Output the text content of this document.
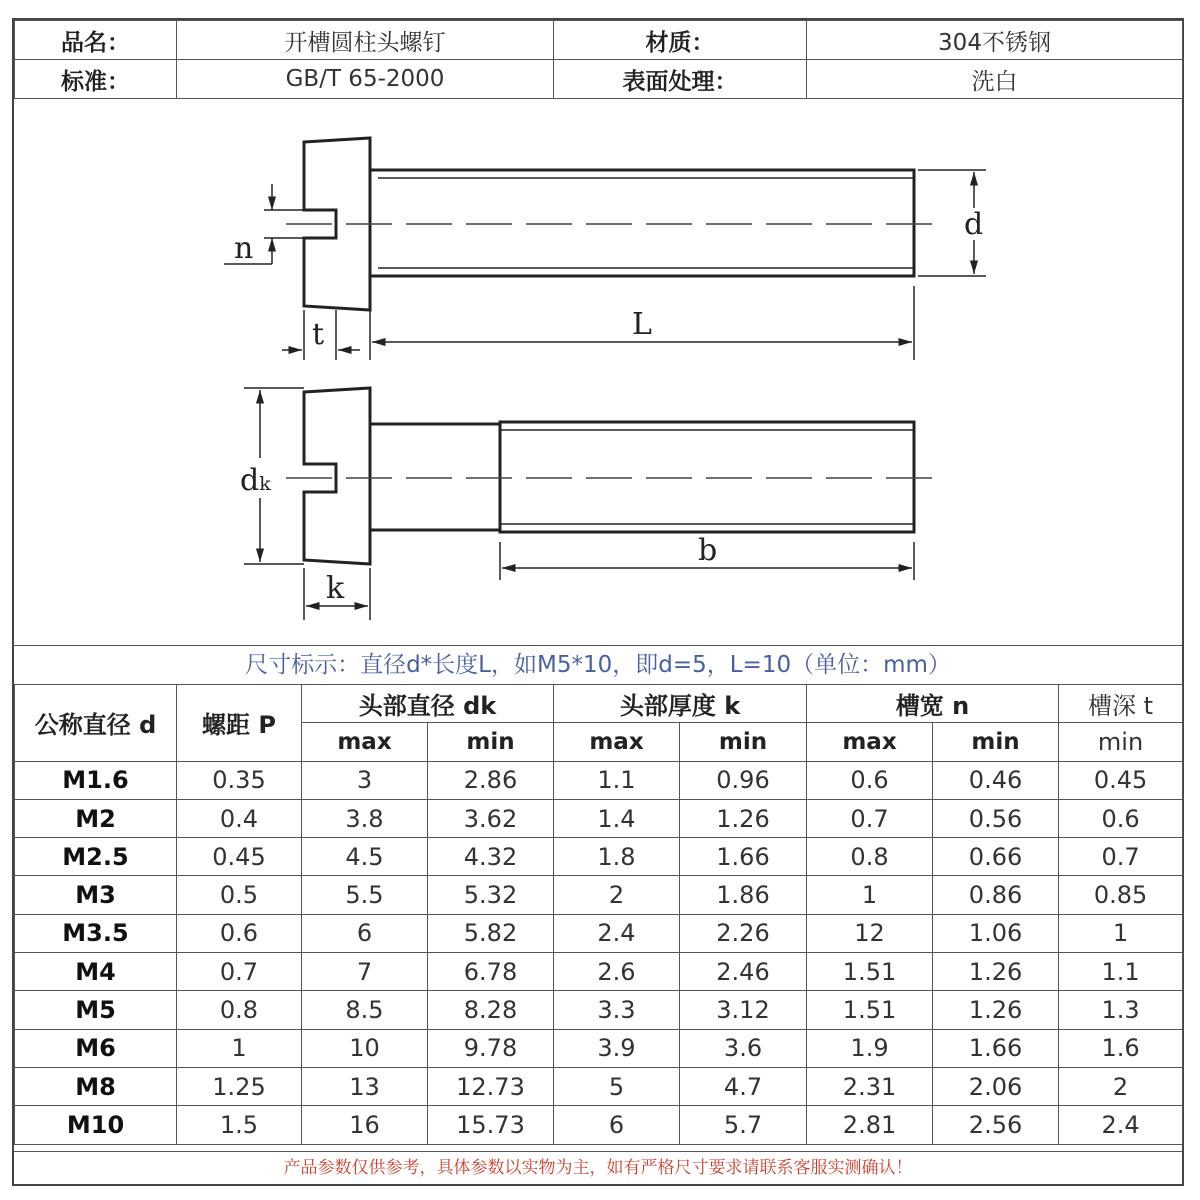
品名：	开槽圆柱头螺钉	材质：	304不锈钢
标准：	GB/T 65-2000	表面处理：	洗白
n
d
t	L
dk
b
k
尺寸标示：直径d*长度L，如M5*10，即d=5，L=10（单位：mm）
公称直径 d	螺距 P	头部直径 dk		头部厚度 k		槽宽 n		槽深 t
		max	min	max	min	max	min	min
M1.6	0.35	3	2.86	1.1	0.96	0.6	0.46	0.45
M2	0.4	3.8	3.62	1.4	1.26	0.7	0.56	0.6
M2.5	0.45	4.5	4.32	1.8	1.66	0.8	0.66	0.7
M3	0.5	5.5	5.32	2	1.86	1	0.86	0.85
M3.5	0.6	6	5.82	2.4	2.26	12	1.06	1
M4	0.7	7	6.78	2.6	2.46	1.51	1.26	1.1
M5	0.8	8.5	8.28	3.3	3.12	1.51	1.26	1.3
M6	1	10	9.78	3.9	3.6	1.9	1.66	1.6
M8	1.25	13	12.73	5	4.7	2.31	2.06	2
M10	1.5	16	15.73	6	5.7	2.81	2.56	2.4
产品参数仅供参考，具体参数以实物为主，如有严格尺寸要求请联系客服实测确认！
